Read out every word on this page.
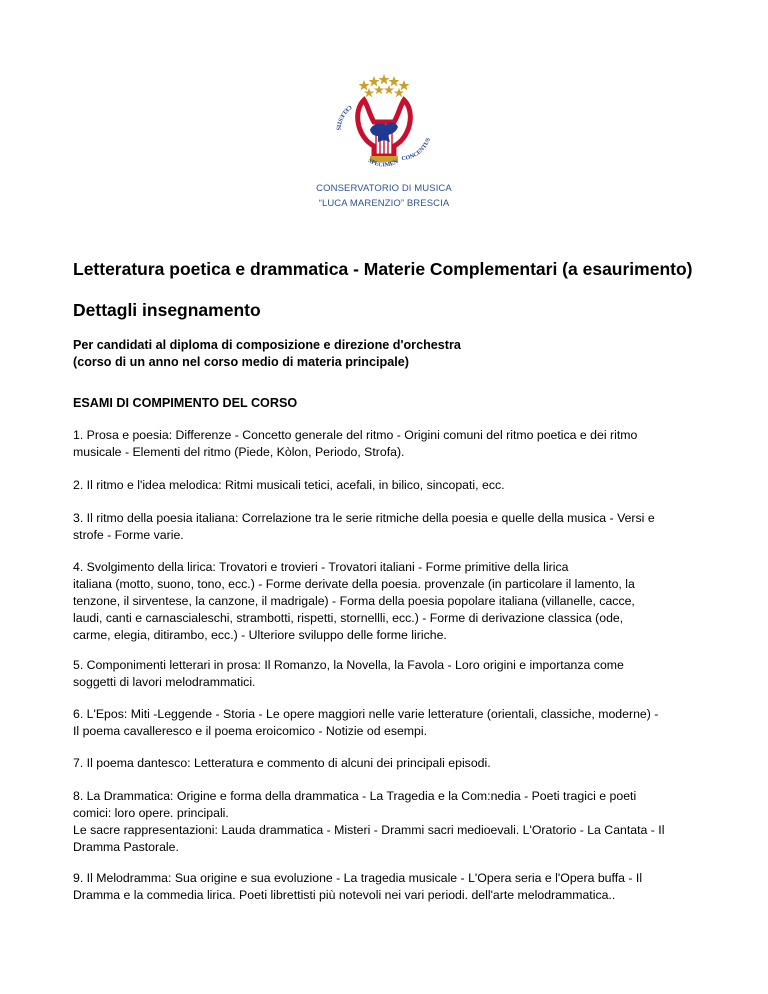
CELESTIS
SPECIMEN
CONCENTUS
CONSERVATORIO DI MUSICA
“LUCA MARENZIO” BRESCIA
Letteratura poetica e drammatica - Materie Complementari (a esaurimento)
Dettagli insegnamento
Per candidati al diploma di composizione e direzione d'orchestra
(corso di un anno nel corso medio di materia principale)
ESAMI DI COMPIMENTO DEL CORSO
1. Prosa e poesia: Differenze - Concetto generale del ritmo - Origini comuni del ritmo poetica e dei ritmo
musicale - Elementi del ritmo (Piede, Kòlon, Periodo, Strofa).
2. Il ritmo e l'idea melodica: Ritmi musicali tetici, acefali, in bilico, sincopati, ecc.
3. Il ritmo della poesia italiana: Correlazione tra le serie ritmiche della poesia e quelle della musica - Versi e
strofe - Forme varie.
4. Svolgimento della lirica: Trovatori e trovieri - Trovatori italiani - Forme primitive della lirica
italiana (motto, suono, tono, ecc.) - Forme derivate della poesia. provenzale (in particolare il lamento, la
tenzone, il sirventese, la canzone, il madrigale) - Forma della poesia popolare italiana (villanelle, cacce,
laudi, canti e carnascialeschi, strambotti, rispetti, stornellli, ecc.) - Forme di derivazione classica (ode,
carme, elegia, ditirambo, ecc.) - Ulteriore sviluppo delle forme liriche.
5. Componimenti letterari in prosa: Il Romanzo, la Novella, la Favola - Loro origini e importanza come
soggetti di lavori melodrammatici.
6. L'Epos: Miti -Leggende - Storia - Le opere maggiori nelle varie letterature (orientali, classiche, moderne) -
Il poema cavalleresco e il poema eroicomico - Notizie od esempi.
7. Il poema dantesco: Letteratura e commento di alcuni dei principali episodi.
8. La Drammatica: Origine e forma della drammatica - La Tragedia e la Com:nedia - Poeti tragici e poeti
comici: loro opere. principali.
Le sacre rappresentazioni: Lauda drammatica - Misteri - Drammi sacri medioevali. L'Oratorio - La Cantata - Il
Dramma Pastorale.
9. Il Melodramma: Sua origine e sua evoluzione - La tragedia musicale - L'Opera seria e l'Opera buffa - Il
Dramma e la commedia lirica. Poeti librettisti più notevoli nei vari periodi. dell'arte melodrammatica..
